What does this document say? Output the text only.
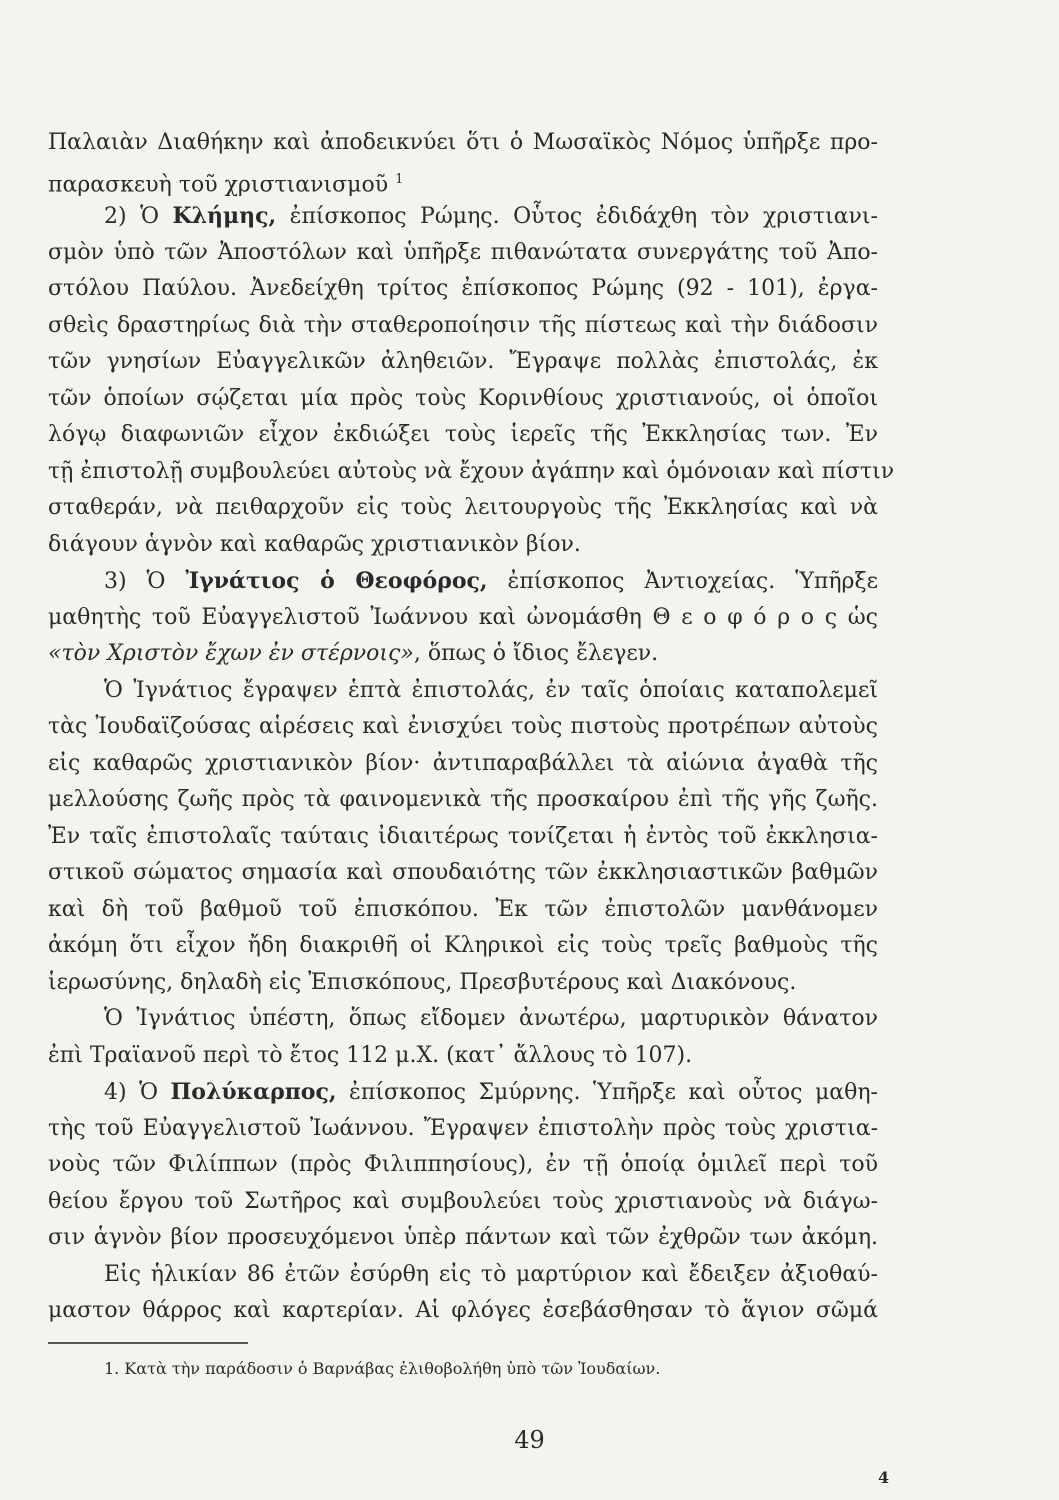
Παλαιὰν Διαθήκην καὶ ἀποδεικνύει ὅτι ὁ Μωσαϊκὸς Νόμος ὑπῆρξε προ-
παρασκευὴ τοῦ χριστιανισμοῦ $^1$
2) Ὁ Κλήμης, ἐπίσκοπος Ρώμης. Οὗτος ἐδιδάχθη τὸν χριστιανι-
σμὸν ὑπὸ τῶν Ἀποστόλων καὶ ὑπῆρξε πιθανώτατα συνεργάτης τοῦ Ἀπο-
στόλου Παύλου. Ἀνεδείχθη τρίτος ἐπίσκοπος Ρώμης (92 - 101), ἐργα-
σθεὶς δραστηρίως διὰ τὴν σταθεροποίησιν τῆς πίστεως καὶ τὴν διάδοσιν
τῶν γνησίων Εὐαγγελικῶν ἀληθειῶν. Ἔγραψε πολλὰς ἐπιστολάς, ἐκ
τῶν ὁποίων σῴζεται μία πρὸς τοὺς Κορινθίους χριστιανούς, οἱ ὁποῖοι
λόγῳ διαφωνιῶν εἶχον ἐκδιώξει τοὺς ἱερεῖς τῆς Ἐκκλησίας των. Ἐν
τῇ ἐπιστολῇ συμβουλεύει αὐτοὺς νὰ ἔχουν ἀγάπην καὶ ὁμόνοιαν καὶ πίστιν
σταθεράν, νὰ πειθαρχοῦν εἰς τοὺς λειτουργοὺς τῆς Ἐκκλησίας καὶ νὰ
διάγουν ἁγνὸν καὶ καθαρῶς χριστιανικὸν βίον.
3) Ὁ Ἰγνάτιος ὁ Θεοφόρος, ἐπίσκοπος Ἀντιοχείας. Ὑπῆρξε
μαθητὴς τοῦ Εὐαγγελιστοῦ Ἰωάννου καὶ ὠνομάσθη Θ ε ο φ ό ρ ο ς ὡς
«τὸν Χριστὸν ἔχων ἐν στέρνοις», ὅπως ὁ ἴδιος ἔλεγεν.
Ὁ Ἰγνάτιος ἔγραψεν ἑπτὰ ἐπιστολάς, ἐν ταῖς ὁποίαις καταπολεμεῖ
τὰς Ἰουδαϊζούσας αἱρέσεις καὶ ἐνισχύει τοὺς πιστοὺς προτρέπων αὐτοὺς
εἰς καθαρῶς χριστιανικὸν βίον· ἀντιπαραβάλλει τὰ αἰώνια ἀγαθὰ τῆς
μελλούσης ζωῆς πρὸς τὰ φαινομενικὰ τῆς προσκαίρου ἐπὶ τῆς γῆς ζωῆς.
Ἐν ταῖς ἐπιστολαῖς ταύταις ἰδιαιτέρως τονίζεται ἡ ἐντὸς τοῦ ἐκκλησια-
στικοῦ σώματος σημασία καὶ σπουδαιότης τῶν ἐκκλησιαστικῶν βαθμῶν
καὶ δὴ τοῦ βαθμοῦ τοῦ ἐπισκόπου. Ἐκ τῶν ἐπιστολῶν μανθάνομεν
ἀκόμη ὅτι εἶχον ἤδη διακριθῆ οἱ Κληρικοὶ εἰς τοὺς τρεῖς βαθμοὺς τῆς
ἱερωσύνης, δηλαδὴ εἰς Ἐπισκόπους, Πρεσβυτέρους καὶ Διακόνους.
Ὁ Ἰγνάτιος ὑπέστη, ὅπως εἴδομεν ἀνωτέρω, μαρτυρικὸν θάνατον
ἐπὶ Τραϊανοῦ περὶ τὸ ἔτος 112 μ.Χ. (κατ᾽ ἄλλους τὸ 107).
4) Ὁ Πολύκαρπος, ἐπίσκοπος Σμύρνης. Ὑπῆρξε καὶ οὗτος μαθη-
τὴς τοῦ Εὐαγγελιστοῦ Ἰωάννου. Ἔγραψεν ἐπιστολὴν πρὸς τοὺς χριστια-
νοὺς τῶν Φιλίππων (πρὸς Φιλιππησίους), ἐν τῇ ὁποίᾳ ὁμιλεῖ περὶ τοῦ
θείου ἔργου τοῦ Σωτῆρος καὶ συμβουλεύει τοὺς χριστιανοὺς νὰ διάγω-
σιν ἁγνὸν βίον προσευχόμενοι ὑπὲρ πάντων καὶ τῶν ἐχθρῶν των ἀκόμη.
Εἰς ἡλικίαν 86 ἐτῶν ἐσύρθη εἰς τὸ μαρτύριον καὶ ἔδειξεν ἀξιοθαύ-
μαστον θάρρος καὶ καρτερίαν. Αἱ φλόγες ἐσεβάσθησαν τὸ ἅγιον σῶμά
1. Κατὰ τὴν παράδοσιν ὁ Βαρνάβας ἐλιθοβολήθη ὑπὸ τῶν Ἰουδαίων.
49
4
